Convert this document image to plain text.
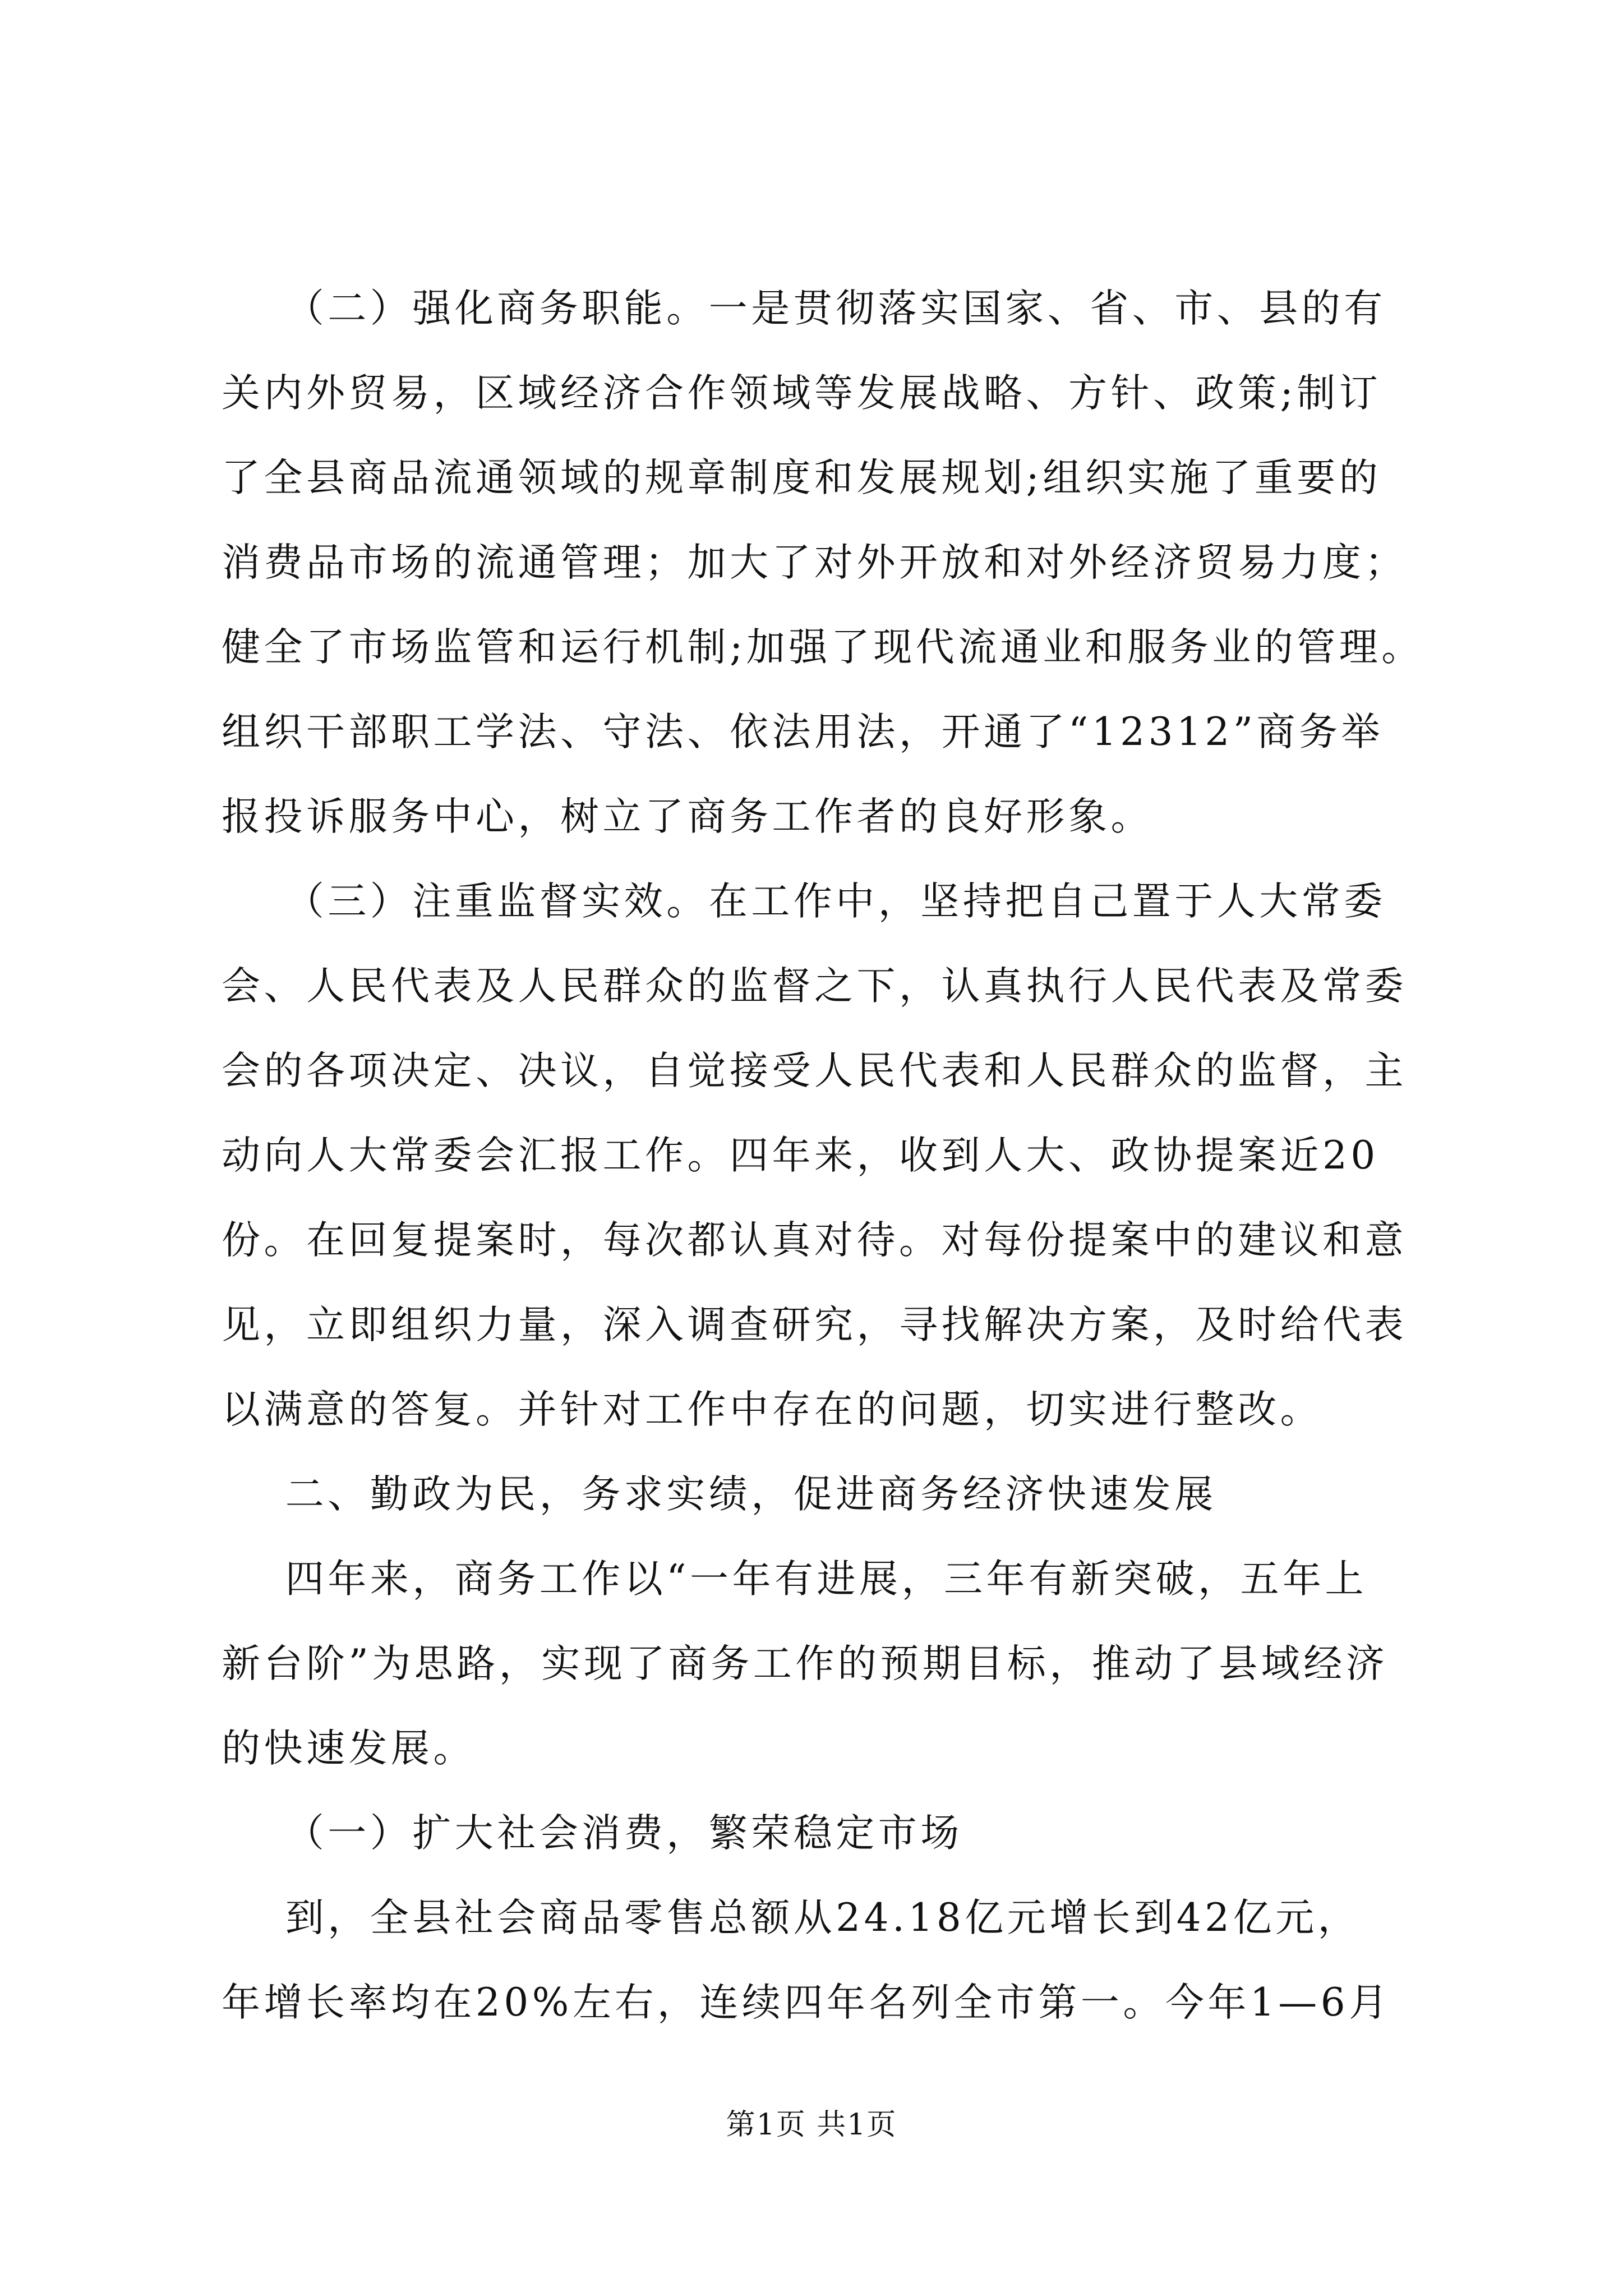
（二）强化商务职能。一是贯彻落实国家、省、市、县的有
关内外贸易，区域经济合作领域等发展战略、方针、政策;制订
了全县商品流通领域的规章制度和发展规划;组织实施了重要的
消费品市场的流通管理；加大了对外开放和对外经济贸易力度；
健全了市场监管和运行机制;加强了现代流通业和服务业的管理。
组织干部职工学法、守法、依法用法，开通了“12312”商务举
报投诉服务中心，树立了商务工作者的良好形象。
（三）注重监督实效。在工作中，坚持把自己置于人大常委
会、人民代表及人民群众的监督之下，认真执行人民代表及常委
会的各项决定、决议，自觉接受人民代表和人民群众的监督，主
动向人大常委会汇报工作。四年来，收到人大、政协提案近20
份。在回复提案时，每次都认真对待。对每份提案中的建议和意
见，立即组织力量，深入调查研究，寻找解决方案，及时给代表
以满意的答复。并针对工作中存在的问题，切实进行整改。
二、勤政为民，务求实绩，促进商务经济快速发展
四年来，商务工作以“一年有进展，三年有新突破，五年上
新台阶”为思路，实现了商务工作的预期目标，推动了县域经济
的快速发展。
（一）扩大社会消费，繁荣稳定市场
到，全县社会商品零售总额从24.18亿元增长到42亿元，
年增长率均在20%左右，连续四年名列全市第一。今年1—6月
第1页 共1页
